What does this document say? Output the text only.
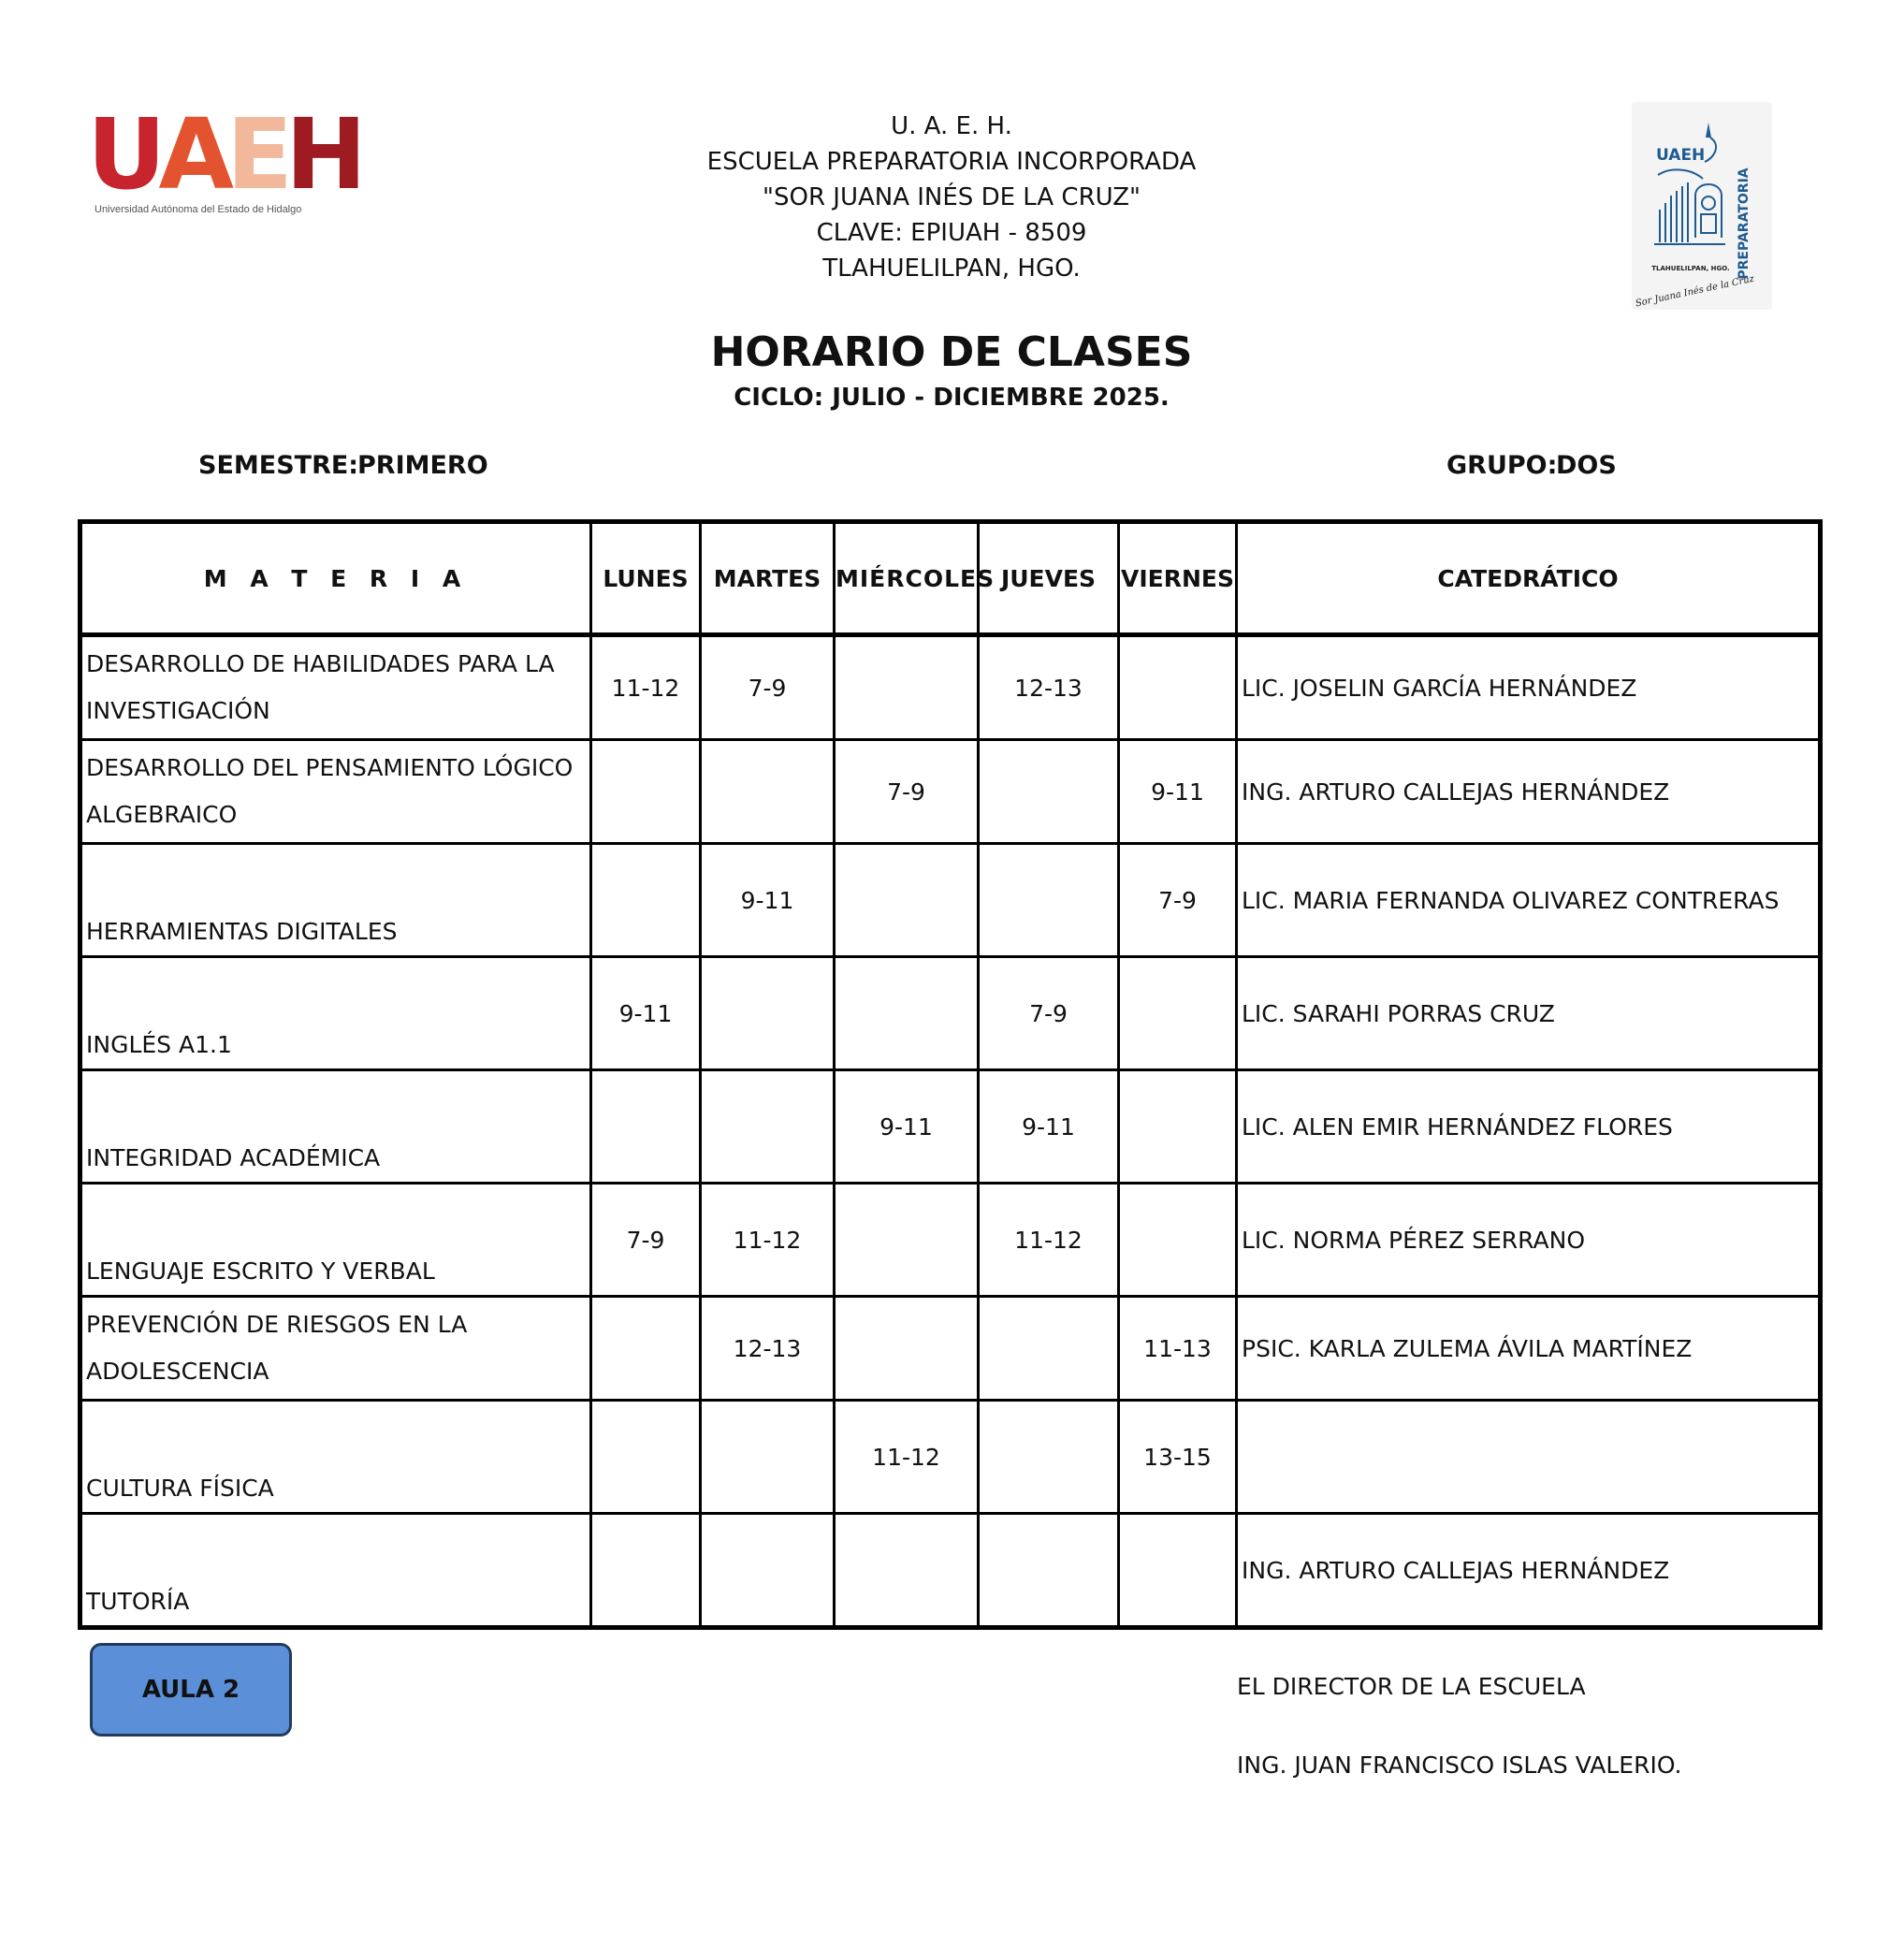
U A E H
Universidad Autónoma del Estado de Hidalgo
UAEH
PREPARATORIA
TLAHUELILPAN, HGO.
Sor Juana Inés de la Cruz
U. A. E. H.
ESCUELA PREPARATORIA INCORPORADA
"SOR JUANA INÉS DE LA CRUZ"
CLAVE: EPIUAH - 8509
TLAHUELILPAN, HGO.
HORARIO DE CLASES
CICLO: JULIO - DICIEMBRE 2025.
SEMESTRE:
PRIMERO	GRUPO:
DOS
M A T E R I A	LUNES	MARTES	MIÉRCOLES	JUEVES	VIERNES	CATEDRÁTICO
DESARROLLO DE HABILIDADES PARA LA
INVESTIGACIÓN	11-12	7-9		12-13		LIC. JOSELIN GARCÍA HERNÁNDEZ
DESARROLLO DEL PENSAMIENTO LÓGICO
ALGEBRAICO			7-9		9-11	ING. ARTURO CALLEJAS HERNÁNDEZ
HERRAMIENTAS DIGITALES		9-11			7-9	LIC. MARIA FERNANDA OLIVAREZ CONTRERAS
INGLÉS A1.1	9-11			7-9		LIC. SARAHI PORRAS CRUZ
INTEGRIDAD ACADÉMICA			9-11	9-11		LIC. ALEN EMIR HERNÁNDEZ FLORES
LENGUAJE ESCRITO Y VERBAL	7-9	11-12		11-12		LIC. NORMA PÉREZ SERRANO
PREVENCIÓN DE RIESGOS EN LA
ADOLESCENCIA		12-13			11-13	PSIC. KARLA ZULEMA ÁVILA MARTÍNEZ
CULTURA FÍSICA			11-12		13-15	
TUTORÍA						ING. ARTURO CALLEJAS HERNÁNDEZ
AULA 2	EL DIRECTOR DE LA ESCUELA
ING. JUAN FRANCISCO ISLAS VALERIO.
